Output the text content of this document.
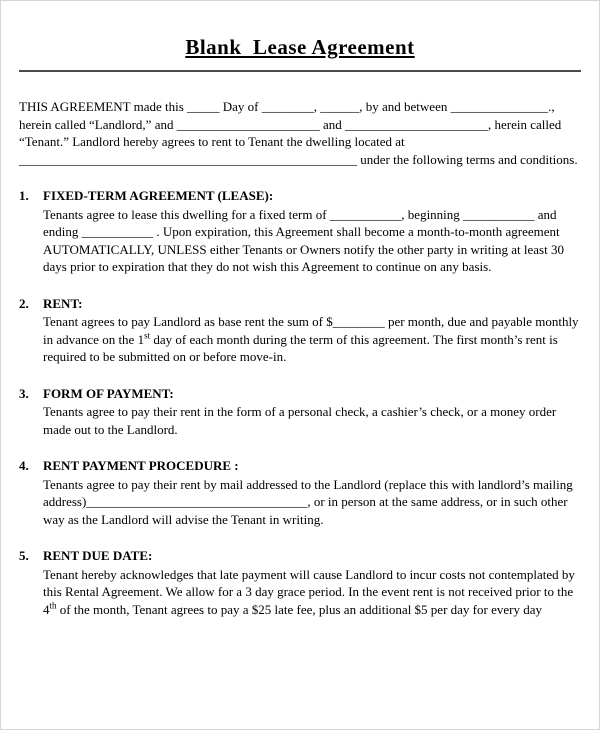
Blank  Lease Agreement

THIS AGREEMENT made this _____ Day of ________, ______, by and between _______________., herein called “Landlord,” and ______________________ and ______________________, herein called “Tenant.” Landlord hereby agrees to rent to Tenant the dwelling located at ____________________________________________________ under the following terms and conditions.

1.	FIXED-TERM AGREEMENT (LEASE):

Tenants agree to lease this dwelling for a fixed term of ___________, beginning ___________ and ending ___________ . Upon expiration, this Agreement shall become a month-to-month agreement AUTOMATICALLY, UNLESS either Tenants or Owners notify the other party in writing at least 30 days prior to expiration that they do not wish this Agreement to continue on any basis.

2.	RENT:

Tenant agrees to pay Landlord as base rent the sum of $________ per month, due and payable monthly in advance on the 1st day of each month during the term of this agreement. The first month’s rent is required to be submitted on or before move-in.

3.	FORM OF PAYMENT:

Tenants agree to pay their rent in the form of a personal check, a cashier’s check, or a money order made out to the Landlord.

4.	RENT PAYMENT PROCEDURE :

Tenants agree to pay their rent by mail addressed to the Landlord (replace this with landlord’s mailing address)__________________________________, or in person at the same address, or in such other way as the Landlord will advise the Tenant in writing.

5.	RENT DUE DATE:

Tenant hereby acknowledges that late payment will cause Landlord to incur costs not contemplated by this Rental Agreement. We allow for a 3 day grace period. In the event rent is not received prior to the 4th of the month, Tenant agrees to pay a $25 late fee, plus an additional $5 per day for every day
